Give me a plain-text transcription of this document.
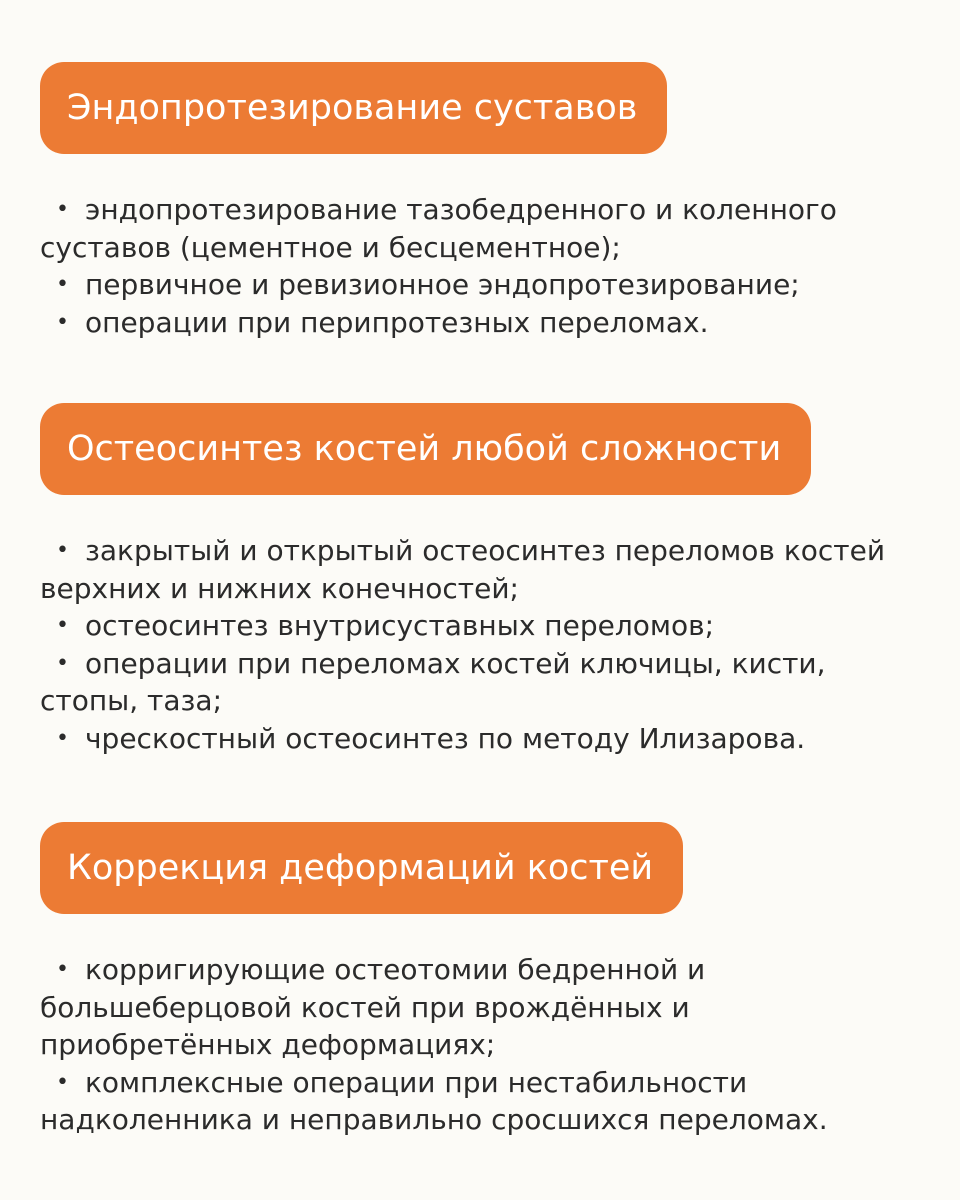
Эндопротезирование суставов
• эндопротезирование тазобедренного и коленного суставов (цементное и бесцементное);
• первичное и ревизионное эндопротезирование;
• операции при перипротезных переломах.
Остеосинтез костей любой сложности
• закрытый и открытый остеосинтез переломов костей верхних и нижних конечностей;
• остеосинтез внутрисуставных переломов;
• операции при переломах костей ключицы, кисти, стопы, таза;
• чрескостный остеосинтез по методу Илизарова.
Коррекция деформаций костей
• корригирующие остеотомии бедренной и большеберцовой костей при врождённых и приобретённых деформациях;
• комплексные операции при нестабильности надколенника и неправильно сросшихся переломах.
